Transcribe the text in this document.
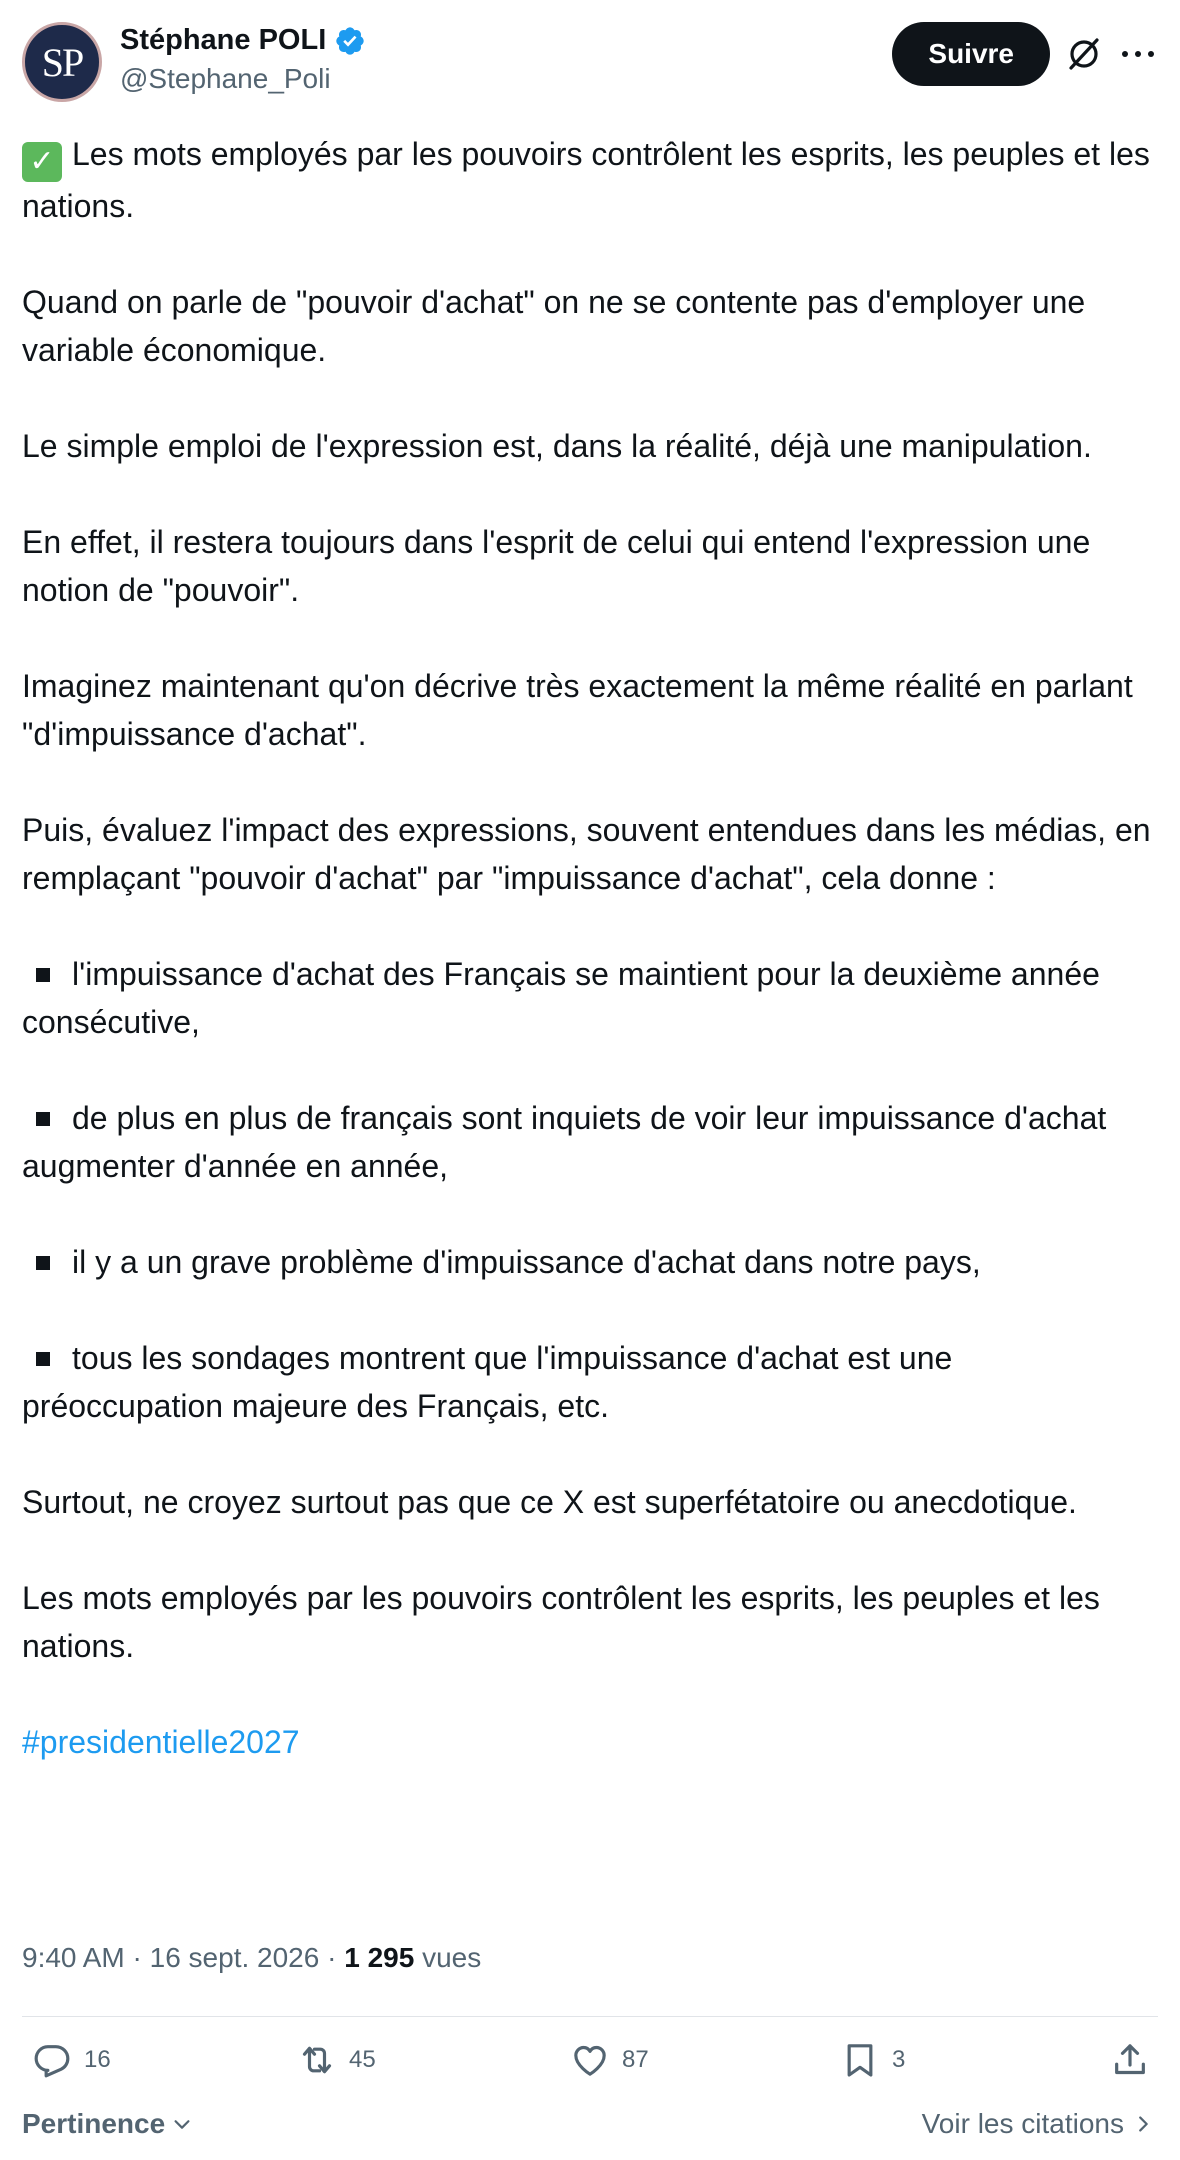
SP Stéphane POLI
@Stephane_Poli
Suivre
✓ Les mots employés par les pouvoirs contrôlent les esprits, les peuples et les nations.
Quand on parle de "pouvoir d'achat" on ne se contente pas d'employer une variable économique.
Le simple emploi de l'expression est, dans la réalité, déjà une manipulation.
En effet, il restera toujours dans l'esprit de celui qui entend l'expression une notion de "pouvoir".
Imaginez maintenant qu'on décrive très exactement la même réalité en parlant "d'impuissance d'achat".
Puis, évaluez l'impact des expressions, souvent entendues dans les médias, en remplaçant "pouvoir d'achat" par "impuissance d'achat", cela donne :
l'impuissance d'achat des Français se maintient pour la deuxième année consécutive,
de plus en plus de français sont inquiets de voir leur impuissance d'achat augmenter d'année en année,
il y a un grave problème d'impuissance d'achat dans notre pays,
tous les sondages montrent que l'impuissance d'achat est une préoccupation majeure des Français, etc.
Surtout, ne croyez surtout pas que ce X est superfétatoire ou anecdotique.
Les mots employés par les pouvoirs contrôlent les esprits, les peuples et les nations.
#presidentielle2027
9:40 AM · 16 sept. 2026 · 1 295 vues
16	45	87	3
Pertinence	Voir les citations
